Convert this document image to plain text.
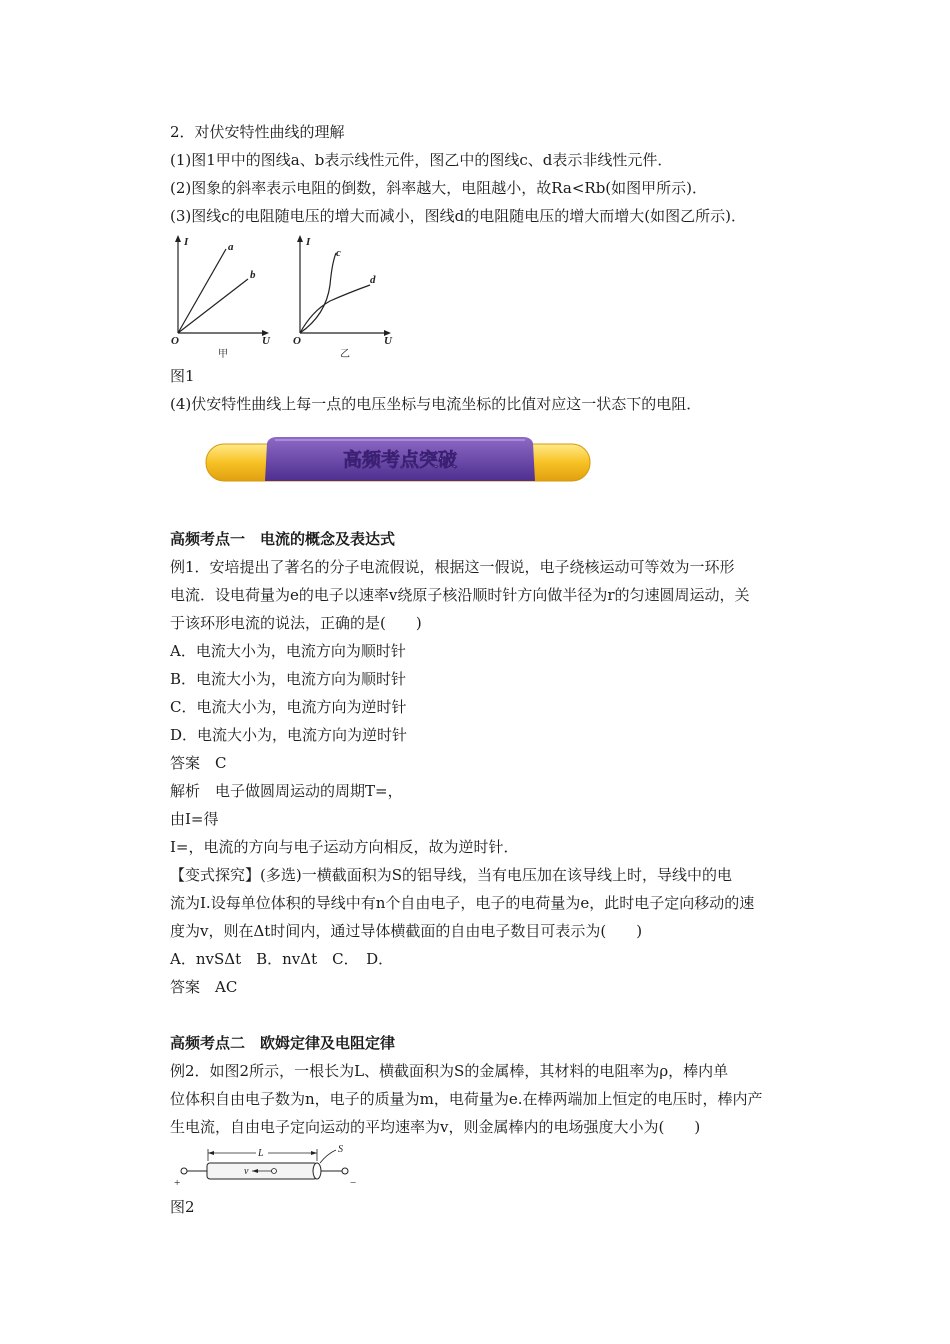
2．对伏安特性曲线的理解
(1)图1甲中的图线a、b表示线性元件，图乙中的图线c、d表示非线性元件．
(2)图象的斜率表示电阻的倒数，斜率越大，电阻越小，故Ra<Rb(如图甲所示)．
(3)图线c的电阻随电压的增大而减小，图线d的电阻随电压的增大而增大(如图乙所示)．
图1
(4)伏安特性曲线上每一点的电压坐标与电流坐标的比值对应这一状态下的电阻．
I	a
b
O	U
甲
I
c
d
O	U
乙
高频考点突破
高频考点一　电流的概念及表达式
例1．安培提出了著名的分子电流假说，根据这一假说，电子绕核运动可等效为一环形
电流．设电荷量为e的电子以速率v绕原子核沿顺时针方向做半径为r的匀速圆周运动，关
于该环形电流的说法，正确的是(　　)
A．电流大小为，电流方向为顺时针
B．电流大小为，电流方向为顺时针
C．电流大小为，电流方向为逆时针
D．电流大小为，电流方向为逆时针
答案　C
解析　电子做圆周运动的周期T=，
由I=得
I=，电流的方向与电子运动方向相反，故为逆时针．
【变式探究】(多选)一横截面积为S的铝导线，当有电压加在该导线上时，导线中的电
流为I.设每单位体积的导线中有n个自由电子，电子的电荷量为e，此时电子定向移动的速
度为v，则在Δt时间内，通过导体横截面的自由电子数目可表示为(　　)
A．nvSΔt　B．nvΔt　C．　D．
答案　AC
高频考点二　欧姆定律及电阻定律
例2．如图2所示，一根长为L、横截面积为S的金属棒，其材料的电阻率为ρ，棒内单
位体积自由电子数为n，电子的质量为m，电荷量为e.在棒两端加上恒定的电压时，棒内产
生电流，自由电子定向运动的平均速率为v，则金属棒内的电场强度大小为(　　)
L	S
v
+	−
图2
